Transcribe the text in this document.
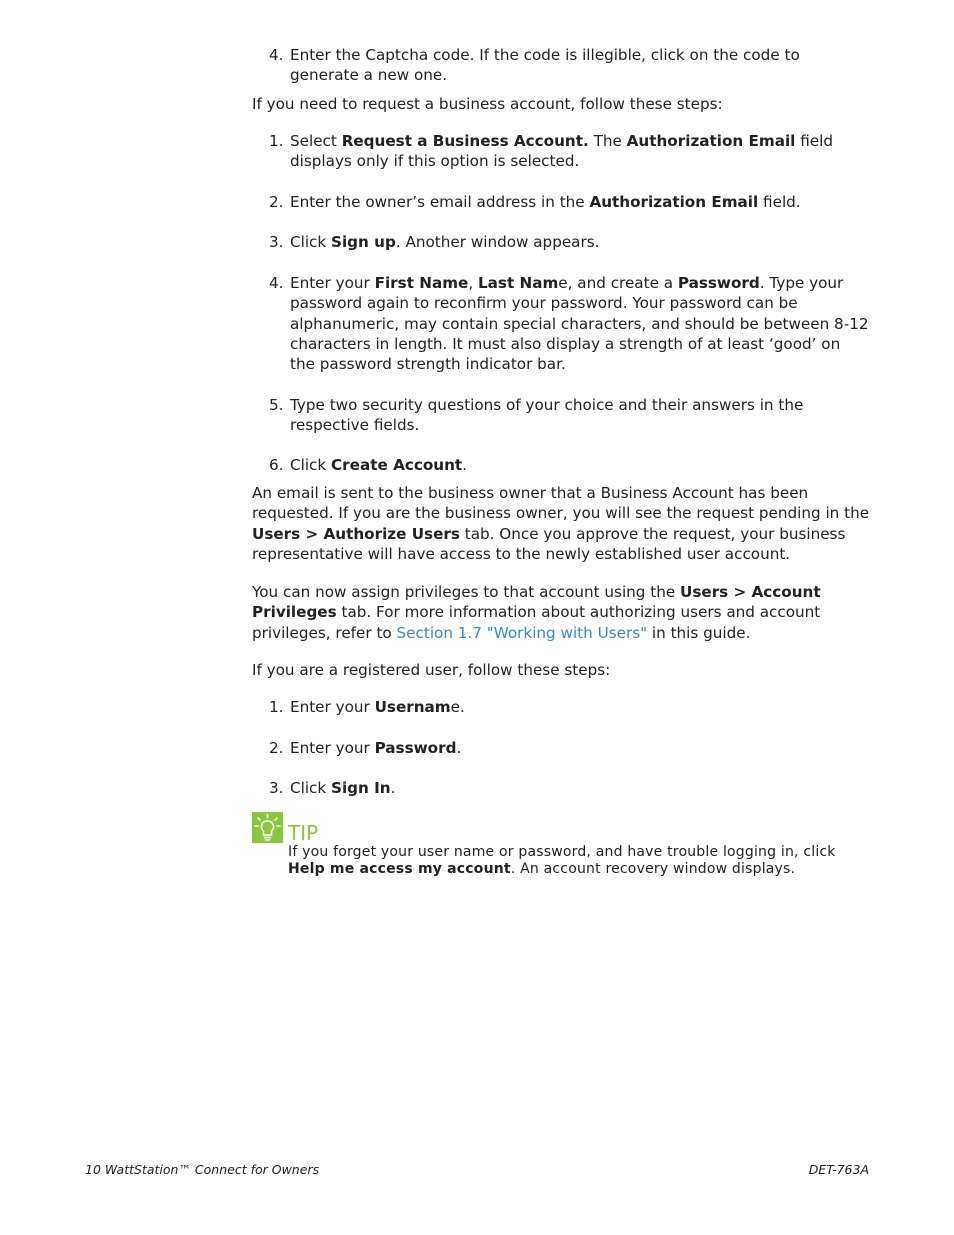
4. Enter the Captcha code. If the code is illegible, click on the code to generate a new one.
If you need to request a business account, follow these steps:
1. Select Request a Business Account. The Authorization Email field displays only if this option is selected.
2. Enter the owner’s email address in the Authorization Email field.
3. Click Sign up. Another window appears.
4. Enter your First Name, Last Name, and create a Password. Type your password again to reconfirm your password. Your password can be alphanumeric, may contain special characters, and should be between 8-12 characters in length. It must also display a strength of at least ‘good’ on the password strength indicator bar.
5. Type two security questions of your choice and their answers in the respective fields.
6. Click Create Account.
An email is sent to the business owner that a Business Account has been requested. If you are the business owner, you will see the request pending in the Users > Authorize Users tab. Once you approve the request, your business representative will have access to the newly established user account.
You can now assign privileges to that account using the Users > Account Privileges tab. For more information about authorizing users and account privileges, refer to Section 1.7 "Working with Users" in this guide.
If you are a registered user, follow these steps:
1. Enter your Username.
2. Enter your Password.
3. Click Sign In.
TIP
If you forget your user name or password, and have trouble logging in, click Help me access my account. An account recovery window displays.
10 WattStation™ Connect for Owners	DET-763A
